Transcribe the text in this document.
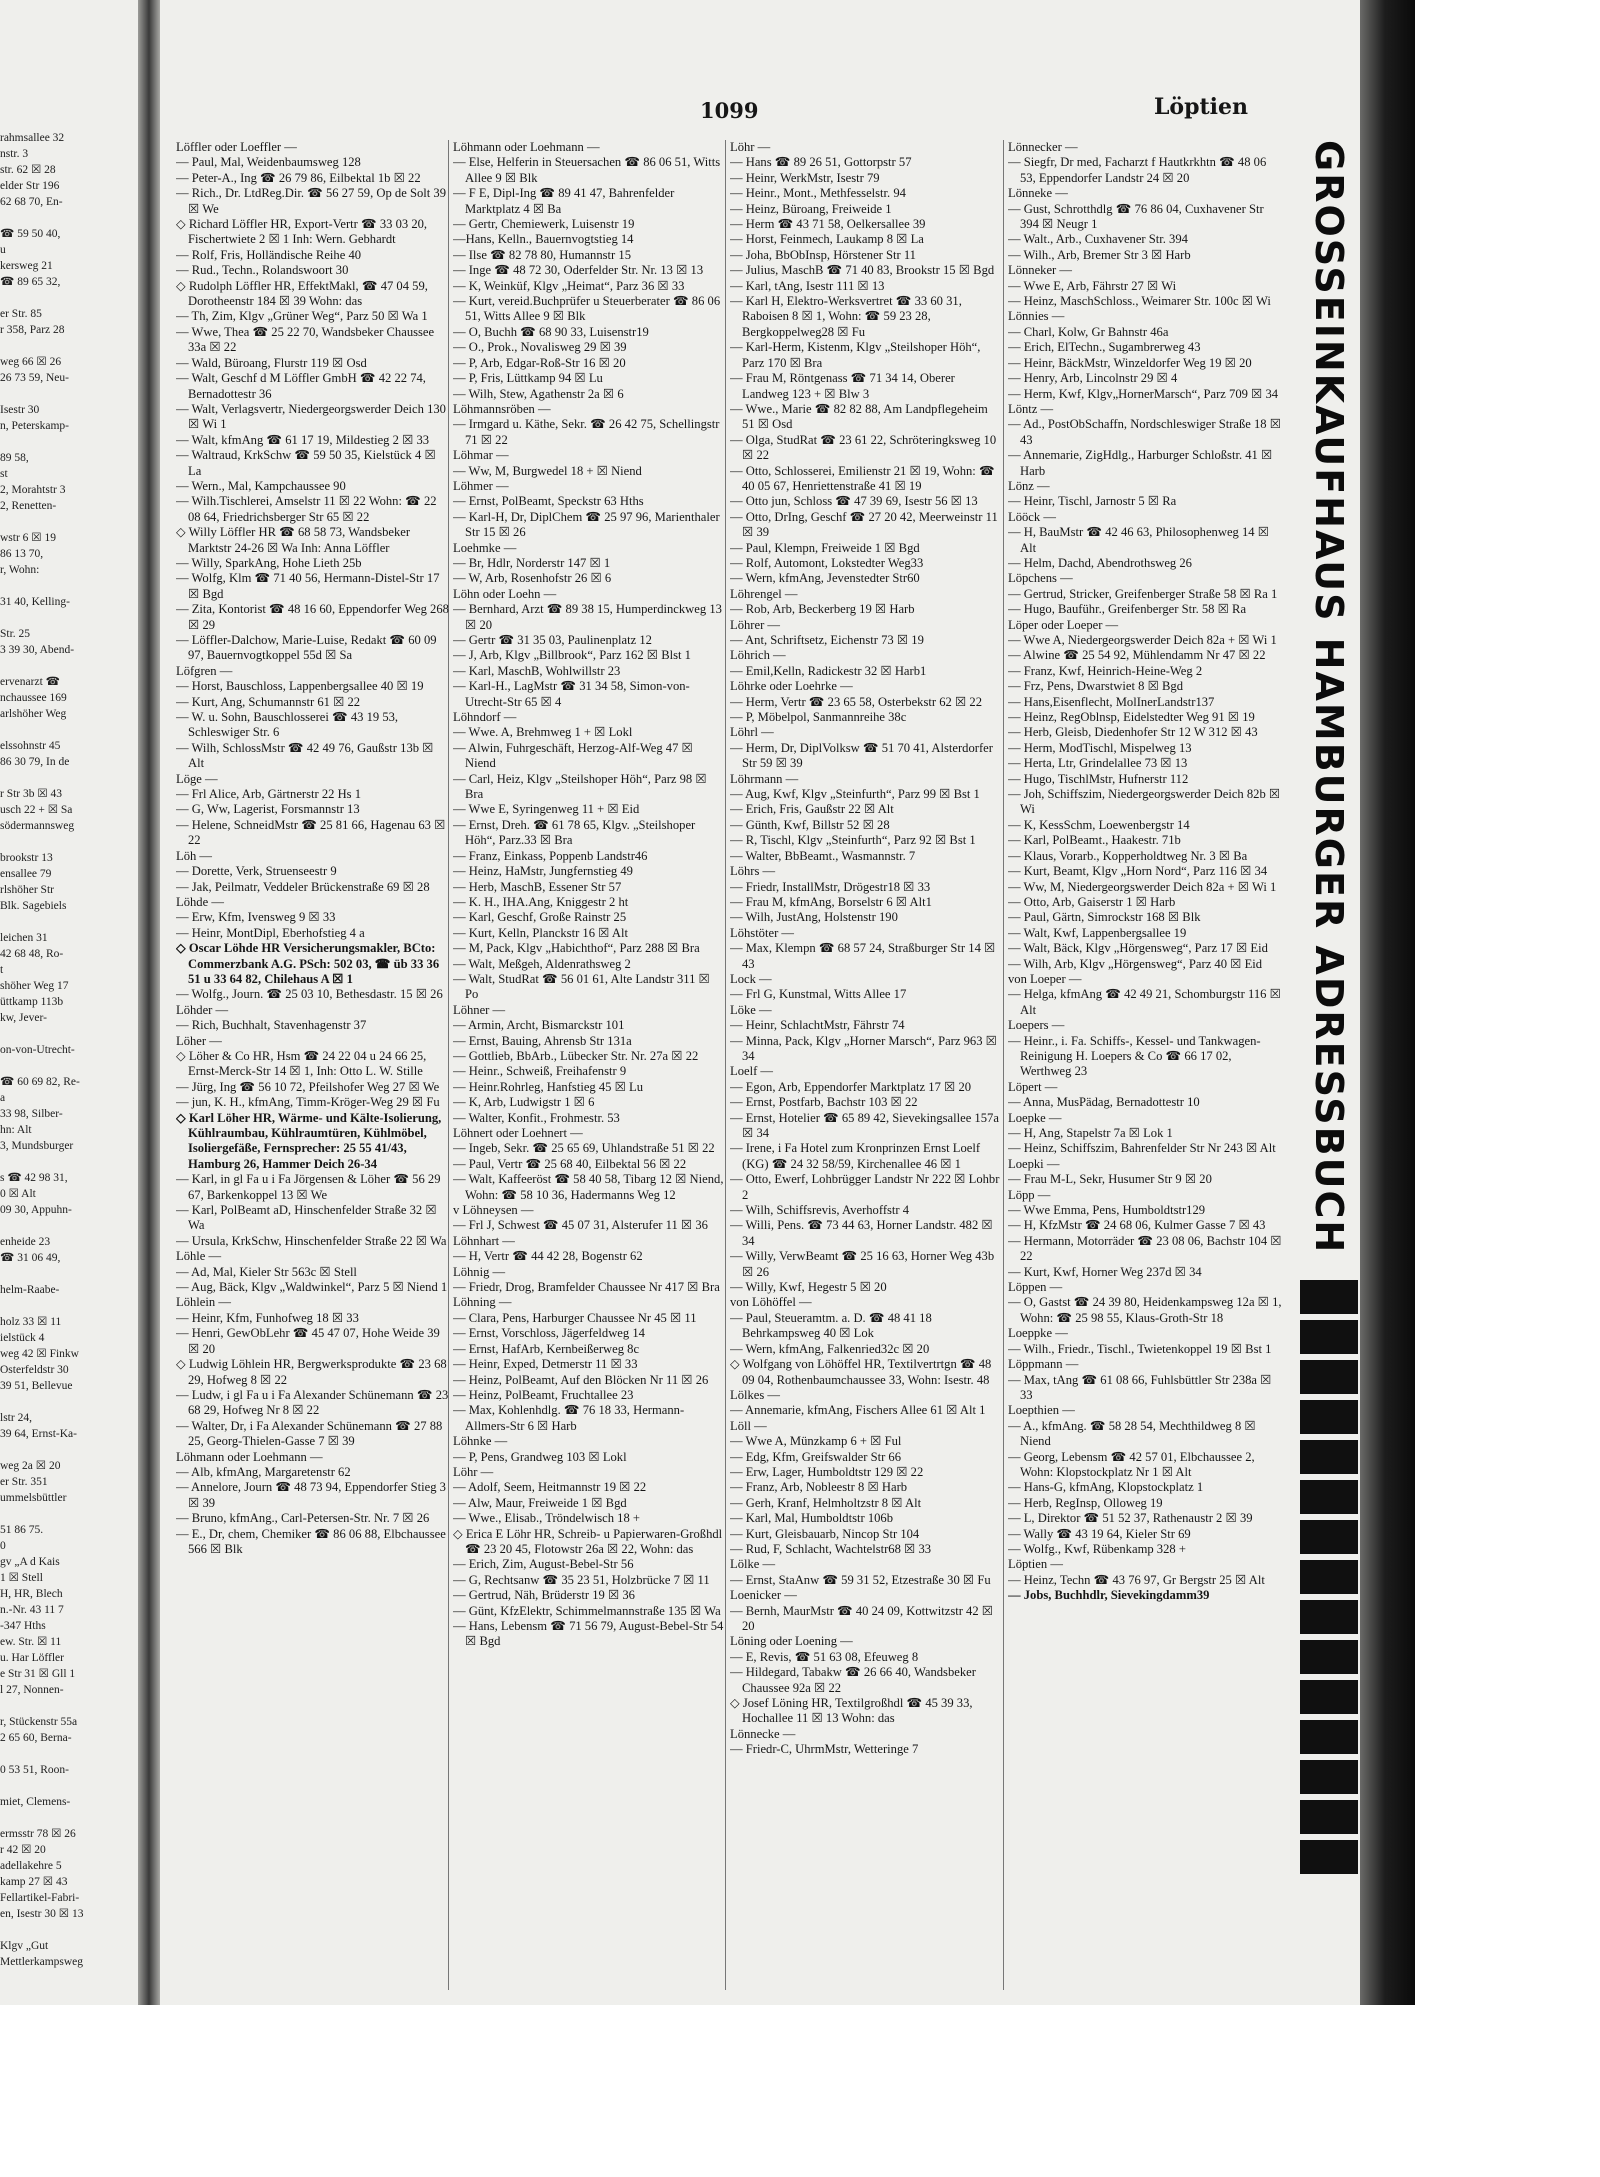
rahmsallee 32
nstr. 3
str. 62 ☒ 28
elder Str 196
62 68 70, En-

☎ 59 50 40,
u
kersweg 21
☎ 89 65 32,

er Str. 85
r 358, Parz 28

weg 66 ☒ 26
26 73 59, Neu-

Isestr 30
n, Peterskamp-

89 58,
st
2, Morahtstr 3
2, Renetten-

wstr 6 ☒ 19
86 13 70,
r, Wohn:

31 40, Kelling-

Str. 25
3 39 30, Abend-

ervenarzt ☎
nchaussee 169
arlshöher Weg

elssohnstr 45
86 30 79, In de

r Str 3b ☒ 43
usch 22 + ☒ Sa
södermannsweg

brookstr 13
ensallee 79
rlshöher Str
Blk. Sagebiels

leichen 31
42 68 48, Ro-
t
shöher Weg 17
üttkamp 113b
kw, Jever-

on-von-Utrecht-

☎ 60 69 82, Re-
a
33 98, Silber-
hn: Alt
3, Mundsburger

s ☎ 42 98 31,
0 ☒ Alt
09 30, Appuhn-

enheide 23
☎ 31 06 49,

helm-Raabe-

holz 33 ☒ 11
ielstück 4
weg 42 ☒ Finkw
Osterfeldstr 30
39 51, Bellevue

lstr 24,
39 64, Ernst-Ka-

weg 2a ☒ 20
er Str. 351
ummelsbüttler

51 86 75.
0
gv „A d Kais
1 ☒ Stell
H, HR, Blech
n.-Nr. 43 11 7
-347 Hths
ew. Str. ☒ 11
u. Har Löffler
e Str 31 ☒ Gll 1
l 27, Nonnen-

r, Stückenstr 55a
2 65 60, Berna-

0 53 51, Roon-

miet, Clemens-

ermsstr 78 ☒ 26
r 42 ☒ 20
adellakehre 5
kamp 27 ☒ 43
Fellartikel-Fabri-
en, Isestr 30 ☒ 13

Klgv „Gut
Mettlerkampsweg
1099	Löptien
Löffler oder Loeffler —
— Paul, Mal, Weidenbaumsweg 128
— Peter-A., Ing ☎ 26 79 86, Eilbektal 1b ☒ 22
— Rich., Dr. LtdReg.Dir. ☎ 56 27 59, Op de Solt 39 ☒ We
◇ Richard Löffler HR, Export-Vertr ☎ 33 03 20, Fischertwiete 2 ☒ 1 Inh: Wern. Gebhardt
— Rolf, Fris, Holländische Reihe 40
— Rud., Techn., Rolandswoort 30
◇ Rudolph Löffler HR, EffektMakl, ☎ 47 04 59, Dorotheenstr 184 ☒ 39 Wohn: das
— Th, Zim, Klgv „Grüner Weg“, Parz 50 ☒ Wa 1
— Wwe, Thea ☎ 25 22 70, Wandsbeker Chaussee 33a ☒ 22
— Wald, Büroang, Flurstr 119 ☒ Osd
— Walt, Geschf d M Löffler GmbH ☎ 42 22 74, Bernadottestr 36
— Walt, Verlagsvertr, Niedergeorgswerder Deich 130 ☒ Wi 1
— Walt, kfmAng ☎ 61 17 19, Mildestieg 2 ☒ 33
— Waltraud, KrkSchw ☎ 59 50 35, Kielstück 4 ☒ La
— Wern., Mal, Kampchaussee 90
— Wilh.Tischlerei, Amselstr 11 ☒ 22 Wohn: ☎ 22 08 64, Friedrichsberger Str 65 ☒ 22
◇ Willy Löffler HR ☎ 68 58 73, Wandsbeker Marktstr 24-26 ☒ Wa Inh: Anna Löffler
— Willy, SparkAng, Hohe Lieth 25b
— Wolfg, Klm ☎ 71 40 56, Hermann-Distel-Str 17 ☒ Bgd
— Zita, Kontorist ☎ 48 16 60, Eppendorfer Weg 268 ☒ 29
— Löffler-Dalchow, Marie-Luise, Redakt ☎ 60 09 97, Bauernvogtkoppel 55d ☒ Sa
Löfgren —
— Horst, Bauschloss, Lappenbergsallee 40 ☒ 19
— Kurt, Ang, Schumannstr 61 ☒ 22
— W. u. Sohn, Bauschlosserei ☎ 43 19 53, Schleswiger Str. 6
— Wilh, SchlossMstr ☎ 42 49 76, Gaußstr 13b ☒ Alt
Löge —
— Frl Alice, Arb, Gärtnerstr 22 Hs 1
— G, Ww, Lagerist, Forsmannstr 13
— Helene, SchneidMstr ☎ 25 81 66, Hagenau 63 ☒ 22
Löh —
— Dorette, Verk, Struenseestr 9
— Jak, Peilmatr, Veddeler Brückenstraße 69 ☒ 28
Löhde —
— Erw, Kfm, Ivensweg 9 ☒ 33
— Heinr, MontDipl, Eberhofstieg 4 a
◇ Oscar Löhde HR Versicherungsmakler, BCto: Commerzbank A.G. PSch: 502 03, ☎ üb 33 36 51 u 33 64 82, Chilehaus A ☒ 1
— Wolfg., Journ. ☎ 25 03 10, Bethesdastr. 15 ☒ 26
Löhder —
— Rich, Buchhalt, Stavenhagenstr 37
Löher —
◇ Löher & Co HR, Hsm ☎ 24 22 04 u 24 66 25, Ernst-Merck-Str 14 ☒ 1, Inh: Otto L. W. Stille
— Jürg, Ing ☎ 56 10 72, Pfeilshofer Weg 27 ☒ We
— jun, K. H., kfmAng, Timm-Kröger-Weg 29 ☒ Fu
◇ Karl Löher HR, Wärme- und Kälte-Isolierung, Kühlraumbau, Kühlraumtüren, Kühlmöbel, Isoliergefäße, Fernsprecher: 25 55 41/43, Hamburg 26, Hammer Deich 26-34
— Karl, in gl Fa u i Fa Jörgensen & Löher ☎ 56 29 67, Barkenkoppel 13 ☒ We
— Karl, PolBeamt aD, Hinschenfelder Straße 32 ☒ Wa
— Ursula, KrkSchw, Hinschenfelder Straße 22 ☒ Wa
Löhle —
— Ad, Mal, Kieler Str 563c ☒ Stell
— Aug, Bäck, Klgv „Waldwinkel“, Parz 5 ☒ Niend 1
Löhlein —
— Heinr, Kfm, Funhofweg 18 ☒ 33
— Henri, GewObLehr ☎ 45 47 07, Hohe Weide 39 ☒ 20
◇ Ludwig Löhlein HR, Bergwerksprodukte ☎ 23 68 29, Hofweg 8 ☒ 22
— Ludw, i gl Fa u i Fa Alexander Schünemann ☎ 23 68 29, Hofweg Nr 8 ☒ 22
— Walter, Dr, i Fa Alexander Schünemann ☎ 27 88 25, Georg-Thielen-Gasse 7 ☒ 39
Löhmann oder Loehmann —
— Alb, kfmAng, Margaretenstr 62
— Annelore, Journ ☎ 48 73 94, Eppendorfer Stieg 3 ☒ 39
— Bruno, kfmAng., Carl-Petersen-Str. Nr. 7 ☒ 26
— E., Dr, chem, Chemiker ☎ 86 06 88, Elbchaussee 566 ☒ Blk
Löhmann oder Loehmann —
— Else, Helferin in Steuersachen ☎ 86 06 51, Witts Allee 9 ☒ Blk
— F E, Dipl-Ing ☎ 89 41 47, Bahrenfelder Marktplatz 4 ☒ Ba
— Gertr, Chemiewerk, Luisenstr 19
—Hans, Kelln., Bauernvogtstieg 14
— Ilse ☎ 82 78 80, Humannstr 15
— Inge ☎ 48 72 30, Oderfelder Str. Nr. 13 ☒ 13
— K, Weinküf, Klgv „Heimat“, Parz 36 ☒ 33
— Kurt, vereid.Buchprüfer u Steuerberater ☎ 86 06 51, Witts Allee 9 ☒ Blk
— O, Buchh ☎ 68 90 33, Luisenstr19
— O., Prok., Novalisweg 29 ☒ 39
— P, Arb, Edgar-Roß-Str 16 ☒ 20
— P, Fris, Lüttkamp 94 ☒ Lu
— Wilh, Stew, Agathenstr 2a ☒ 6
Löhmannsröben —
— Irmgard u. Käthe, Sekr. ☎ 26 42 75, Schellingstr 71 ☒ 22
Löhmar —
— Ww, M, Burgwedel 18 + ☒ Niend
Löhmer —
— Ernst, PolBeamt, Speckstr 63 Hths
— Karl-H, Dr, DiplChem ☎ 25 97 96, Marienthaler Str 15 ☒ 26
Loehmke —
— Br, Hdlr, Norderstr 147 ☒ 1
— W, Arb, Rosenhofstr 26 ☒ 6
Löhn oder Loehn —
— Bernhard, Arzt ☎ 89 38 15, Humperdinckweg 13 ☒ 20
— Gertr ☎ 31 35 03, Paulinenplatz 12
— J, Arb, Klgv „Billbrook“, Parz 162 ☒ Blst 1
— Karl, MaschB, Wohlwillstr 23
— Karl-H., LagMstr ☎ 31 34 58, Simon-von-Utrecht-Str 65 ☒ 4
Löhndorf —
— Wwe. A, Brehmweg 1 + ☒ Lokl
— Alwin, Fuhrgeschäft, Herzog-Alf-Weg 47 ☒ Niend
— Carl, Heiz, Klgv „Steilshoper Höh“, Parz 98 ☒ Bra
— Wwe E, Syringenweg 11 + ☒ Eid
— Ernst, Dreh. ☎ 61 78 65, Klgv. „Steilshoper Höh“, Parz.33 ☒ Bra
— Franz, Einkass, Poppenb Landstr46
— Heinz, HaMstr, Jungfernstieg 49
— Herb, MaschB, Essener Str 57
— K. H., IHA.Ang, Kniggestr 2 ht
— Karl, Geschf, Große Rainstr 25
— Kurt, Kelln, Planckstr 16 ☒ Alt
— M, Pack, Klgv „Habichthof“, Parz 288 ☒ Bra
— Walt, Meßgeh, Aldenrathsweg 2
— Walt, StudRat ☎ 56 01 61, Alte Landstr 311 ☒ Po
Löhner —
— Armin, Archt, Bismarckstr 101
— Ernst, Bauing, Ahrensb Str 131a
— Gottlieb, BbArb., Lübecker Str. Nr. 27a ☒ 22
— Heinr., Schweiß, Freihafenstr 9
— Heinr.Rohrleg, Hanfstieg 45 ☒ Lu
— K, Arb, Ludwigstr 1 ☒ 6
— Walter, Konfit., Frohmestr. 53
Löhnert oder Loehnert —
— Ingeb, Sekr. ☎ 25 65 69, Uhlandstraße 51 ☒ 22
— Paul, Vertr ☎ 25 68 40, Eilbektal 56 ☒ 22
— Walt, Kaffeeröst ☎ 58 40 58, Tibarg 12 ☒ Niend, Wohn: ☎ 58 10 36, Hadermanns Weg 12
v Löhneysen —
— Frl J, Schwest ☎ 45 07 31, Alsterufer 11 ☒ 36
Löhnhart —
— H, Vertr ☎ 44 42 28, Bogenstr 62
Löhnig —
— Friedr, Drog, Bramfelder Chaussee Nr 417 ☒ Bra
Löhning —
— Clara, Pens, Harburger Chaussee Nr 45 ☒ 11
— Ernst, Vorschloss, Jägerfeldweg 14
— Ernst, HafArb, Kernbeißerweg 8c
— Heinr, Exped, Detmerstr 11 ☒ 33
— Heinz, PolBeamt, Auf den Blöcken Nr 11 ☒ 26
— Heinz, PolBeamt, Fruchtallee 23
— Max, Kohlenhdlg. ☎ 76 18 33, Hermann-Allmers-Str 6 ☒ Harb
Löhnke —
— P, Pens, Grandweg 103 ☒ Lokl
Löhr —
— Adolf, Seem, Heitmannstr 19 ☒ 22
— Alw, Maur, Freiweide 1 ☒ Bgd
— Wwe., Elisab., Tröndelwisch 18 +
◇ Erica E Löhr HR, Schreib- u Papierwaren-Großhdl ☎ 23 20 45, Flotowstr 26a ☒ 22, Wohn: das
— Erich, Zim, August-Bebel-Str 56
— G, Rechtsanw ☎ 35 23 51, Holzbrücke 7 ☒ 11
— Gertrud, Näh, Brüderstr 19 ☒ 36
— Günt, KfzElektr, Schimmelmannstraße 135 ☒ Wa
— Hans, Lebensm ☎ 71 56 79, August-Bebel-Str 54 ☒ Bgd
Löhr —
— Hans ☎ 89 26 51, Gottorpstr 57
— Heinr, WerkMstr, Isestr 79
— Heinr., Mont., Methfesselstr. 94
— Heinz, Büroang, Freiweide 1
— Herm ☎ 43 71 58, Oelkersallee 39
— Horst, Feinmech, Laukamp 8 ☒ La
— Joha, BbObInsp, Hörstener Str 11
— Julius, MaschB ☎ 71 40 83, Brookstr 15 ☒ Bgd
— Karl, tAng, Isestr 111 ☒ 13
— Karl H, Elektro-Werksvertret ☎ 33 60 31, Raboisen 8 ☒ 1, Wohn: ☎ 59 23 28, Bergkoppelweg28 ☒ Fu
— Karl-Herm, Kistenm, Klgv „Steilshoper Höh“, Parz 170 ☒ Bra
— Frau M, Röntgenass ☎ 71 34 14, Oberer Landweg 123 + ☒ Blw 3
— Wwe., Marie ☎ 82 82 88, Am Landpflegeheim 51 ☒ Osd
— Olga, StudRat ☎ 23 61 22, Schröteringksweg 10 ☒ 22
— Otto, Schlosserei, Emilienstr 21 ☒ 19, Wohn: ☎ 40 05 67, Henriettenstraße 41 ☒ 19
— Otto jun, Schloss ☎ 47 39 69, Isestr 56 ☒ 13
— Otto, DrIng, Geschf ☎ 27 20 42, Meerweinstr 11 ☒ 39
— Paul, Klempn, Freiweide 1 ☒ Bgd
— Rolf, Automont, Lokstedter Weg33
— Wern, kfmAng, Jevenstedter Str60
Löhrengel —
— Rob, Arb, Beckerberg 19 ☒ Harb
Löhrer —
— Ant, Schriftsetz, Eichenstr 73 ☒ 19
Löhrich —
— Emil,Kelln, Radickestr 32 ☒ Harb1
Löhrke oder Loehrke —
— Herm, Vertr ☎ 23 65 58, Osterbekstr 62 ☒ 22
— P, Möbelpol, Sanmannreihe 38c
Löhrl —
— Herm, Dr, DiplVolksw ☎ 51 70 41, Alsterdorfer Str 59 ☒ 39
Löhrmann —
— Aug, Kwf, Klgv „Steinfurth“, Parz 99 ☒ Bst 1
— Erich, Fris, Gaußstr 22 ☒ Alt
— Günth, Kwf, Billstr 52 ☒ 28
— R, Tischl, Klgv „Steinfurth“, Parz 92 ☒ Bst 1
— Walter, BbBeamt., Wasmannstr. 7
Löhrs —
— Friedr, InstallMstr, Drögestr18 ☒ 33
— Frau M, kfmAng, Borselstr 6 ☒ Alt1
— Wilh, JustAng, Holstenstr 190
Löhstöter —
— Max, Klempn ☎ 68 57 24, Straßburger Str 14 ☒ 43
Lock —
— Frl G, Kunstmal, Witts Allee 17
Löke —
— Heinr, SchlachtMstr, Fährstr 74
— Minna, Pack, Klgv „Horner Marsch“, Parz 963 ☒ 34
Loelf —
— Egon, Arb, Eppendorfer Marktplatz 17 ☒ 20
— Ernst, Postfarb, Bachstr 103 ☒ 22
— Ernst, Hotelier ☎ 65 89 42, Sievekingsallee 157a ☒ 34
— Irene, i Fa Hotel zum Kronprinzen Ernst Loelf (KG) ☎ 24 32 58/59, Kirchenallee 46 ☒ 1
— Otto, Ewerf, Lohbrügger Landstr Nr 222 ☒ Lohbr 2
— Wilh, Schiffsrevis, Averhoffstr 4
— Willi, Pens. ☎ 73 44 63, Horner Landstr. 482 ☒ 34
— Willy, VerwBeamt ☎ 25 16 63, Horner Weg 43b ☒ 26
— Willy, Kwf, Hegestr 5 ☒ 20
von Löhöffel —
— Paul, Steueramtm. a. D. ☎ 48 41 18 Behrkampsweg 40 ☒ Lok
— Wern, kfmAng, Falkenried32c ☒ 20
◇ Wolfgang von Löhöffel HR, Textilvertrtgn ☎ 48 09 04, Rothenbaumchaussee 33, Wohn: Isestr. 48
Lölkes —
— Annemarie, kfmAng, Fischers Allee 61 ☒ Alt 1
Löll —
— Wwe A, Münzkamp 6 + ☒ Ful
— Edg, Kfm, Greifswalder Str 66
— Erw, Lager, Humboldtstr 129 ☒ 22
— Franz, Arb, Nobleestr 8 ☒ Harb
— Gerh, Kranf, Helmholtzstr 8 ☒ Alt
— Karl, Mal, Humboldtstr 106b
— Kurt, Gleisbauarb, Nincop Str 104
— Rud, F, Schlacht, Wachtelstr68 ☒ 33
Lölke —
— Ernst, StaAnw ☎ 59 31 52, Etzestraße 30 ☒ Fu
Loenicker —
— Bernh, MaurMstr ☎ 40 24 09, Kottwitzstr 42 ☒ 20
Löning oder Loening —
— E, Revis, ☎ 51 63 08, Efeuweg 8
— Hildegard, Tabakw ☎ 26 66 40, Wandsbeker Chaussee 92a ☒ 22
◇ Josef Löning HR, Textilgroßhdl ☎ 45 39 33, Hochallee 11 ☒ 13 Wohn: das
Lönnecke —
— Friedr-C, UhrmMstr, Wetteringe 7
Lönnecker —
— Siegfr, Dr med, Facharzt f Hautkrkhtn ☎ 48 06 53, Eppendorfer Landstr 24 ☒ 20
Lönneke —
— Gust, Schrotthdlg ☎ 76 86 04, Cuxhavener Str 394 ☒ Neugr 1
— Walt., Arb., Cuxhavener Str. 394
— Wilh., Arb, Bremer Str 3 ☒ Harb
Lönneker —
— Wwe E, Arb, Fährstr 27 ☒ Wi
— Heinz, MaschSchloss., Weimarer Str. 100c ☒ Wi
Lönnies —
— Charl, Kolw, Gr Bahnstr 46a
— Erich, ElTechn., Sugambrerweg 43
— Heinr, BäckMstr, Winzeldorfer Weg 19 ☒ 20
— Henry, Arb, Lincolnstr 29 ☒ 4
— Herm, Kwf, Klgv„HornerMarsch“, Parz 709 ☒ 34
Löntz —
— Ad., PostObSchaffn, Nordschleswiger Straße 18 ☒ 43
— Annemarie, ZigHdlg., Harburger Schloßstr. 41 ☒ Harb
Lönz —
— Heinr, Tischl, Jarnostr 5 ☒ Ra
Lööck —
— H, BauMstr ☎ 42 46 63, Philosophenweg 14 ☒ Alt
— Helm, Dachd, Abendrothsweg 26
Löpchens —
— Gertrud, Stricker, Greifenberger Straße 58 ☒ Ra 1
— Hugo, Bauführ., Greifenberger Str. 58 ☒ Ra
Löper oder Loeper —
— Wwe A, Niedergeorgswerder Deich 82a + ☒ Wi 1
— Alwine ☎ 25 54 92, Mühlendamm Nr 47 ☒ 22
— Franz, Kwf, Heinrich-Heine-Weg 2
— Frz, Pens, Dwarstwiet 8 ☒ Bgd
— Hans,Eisenflecht, MolInerLandstr137
— Heinz, RegOblnsp, Eidelstedter Weg 91 ☒ 19
— Herb, Gleisb, Diedenhofer Str 12 W 312 ☒ 43
— Herm, ModTischl, Mispelweg 13
— Herta, Ltr, Grindelallee 73 ☒ 13
— Hugo, TischlMstr, Hufnerstr 112
— Joh, Schiffszim, Niedergeorgswerder Deich 82b ☒ Wi
— K, KessSchm, Loewenbergstr 14
— Karl, PolBeamt., Haakestr. 71b
— Klaus, Vorarb., Kopperholdtweg Nr. 3 ☒ Ba
— Kurt, Beamt, Klgv „Horn Nord“, Parz 116 ☒ 34
— Ww, M, Niedergeorgswerder Deich 82a + ☒ Wi 1
— Otto, Arb, Gaiserstr 1 ☒ Harb
— Paul, Gärtn, Simrockstr 168 ☒ Blk
— Walt, Kwf, Lappenbergsallee 19
— Walt, Bäck, Klgv „Hörgensweg“, Parz 17 ☒ Eid
— Wilh, Arb, Klgv „Hörgensweg“, Parz 40 ☒ Eid
von Loeper —
— Helga, kfmAng ☎ 42 49 21, Schomburgstr 116 ☒ Alt
Loepers —
— Heinr., i. Fa. Schiffs-, Kessel- und Tankwagen-Reinigung H. Loepers & Co ☎ 66 17 02, Werthweg 23
Löpert —
— Anna, MusPädag, Bernadottestr 10
Loepke —
— H, Ang, Stapelstr 7a ☒ Lok 1
— Heinz, Schiffszim, Bahrenfelder Str Nr 243 ☒ Alt
Loepki —
— Frau M-L, Sekr, Husumer Str 9 ☒ 20
Löpp —
— Wwe Emma, Pens, Humboldtstr129
— H, KfzMstr ☎ 24 68 06, Kulmer Gasse 7 ☒ 43
— Hermann, Motorräder ☎ 23 08 06, Bachstr 104 ☒ 22
— Kurt, Kwf, Horner Weg 237d ☒ 34
Löppen —
— O, Gastst ☎ 24 39 80, Heidenkampsweg 12a ☒ 1, Wohn: ☎ 25 98 55, Klaus-Groth-Str 18
Loeppke —
— Wilh., Friedr., Tischl., Twietenkoppel 19 ☒ Bst 1
Löppmann —
— Max, tAng ☎ 61 08 66, Fuhlsbüttler Str 238a ☒ 33
Loepthien —
— A., kfmAng. ☎ 58 28 54, Mechthildweg 8 ☒ Niend
— Georg, Lebensm ☎ 42 57 01, Elbchaussee 2, Wohn: Klopstockplatz Nr 1 ☒ Alt
— Hans-G, kfmAng, Klopstockplatz 1
— Herb, RegInsp, Olloweg 19
— L, Direktor ☎ 51 52 37, Rathenaustr 2 ☒ 39
— Wally ☎ 43 19 64, Kieler Str 69
— Wolfg., Kwf, Rübenkamp 328 +
Löptien —
— Heinz, Techn ☎ 43 76 97, Gr Bergstr 25 ☒ Alt
— Jobs, Buchhdlr, Sievekingdamm39
GROSSEINKAUFHAUS HAMBURGER ADRESSBUCH
